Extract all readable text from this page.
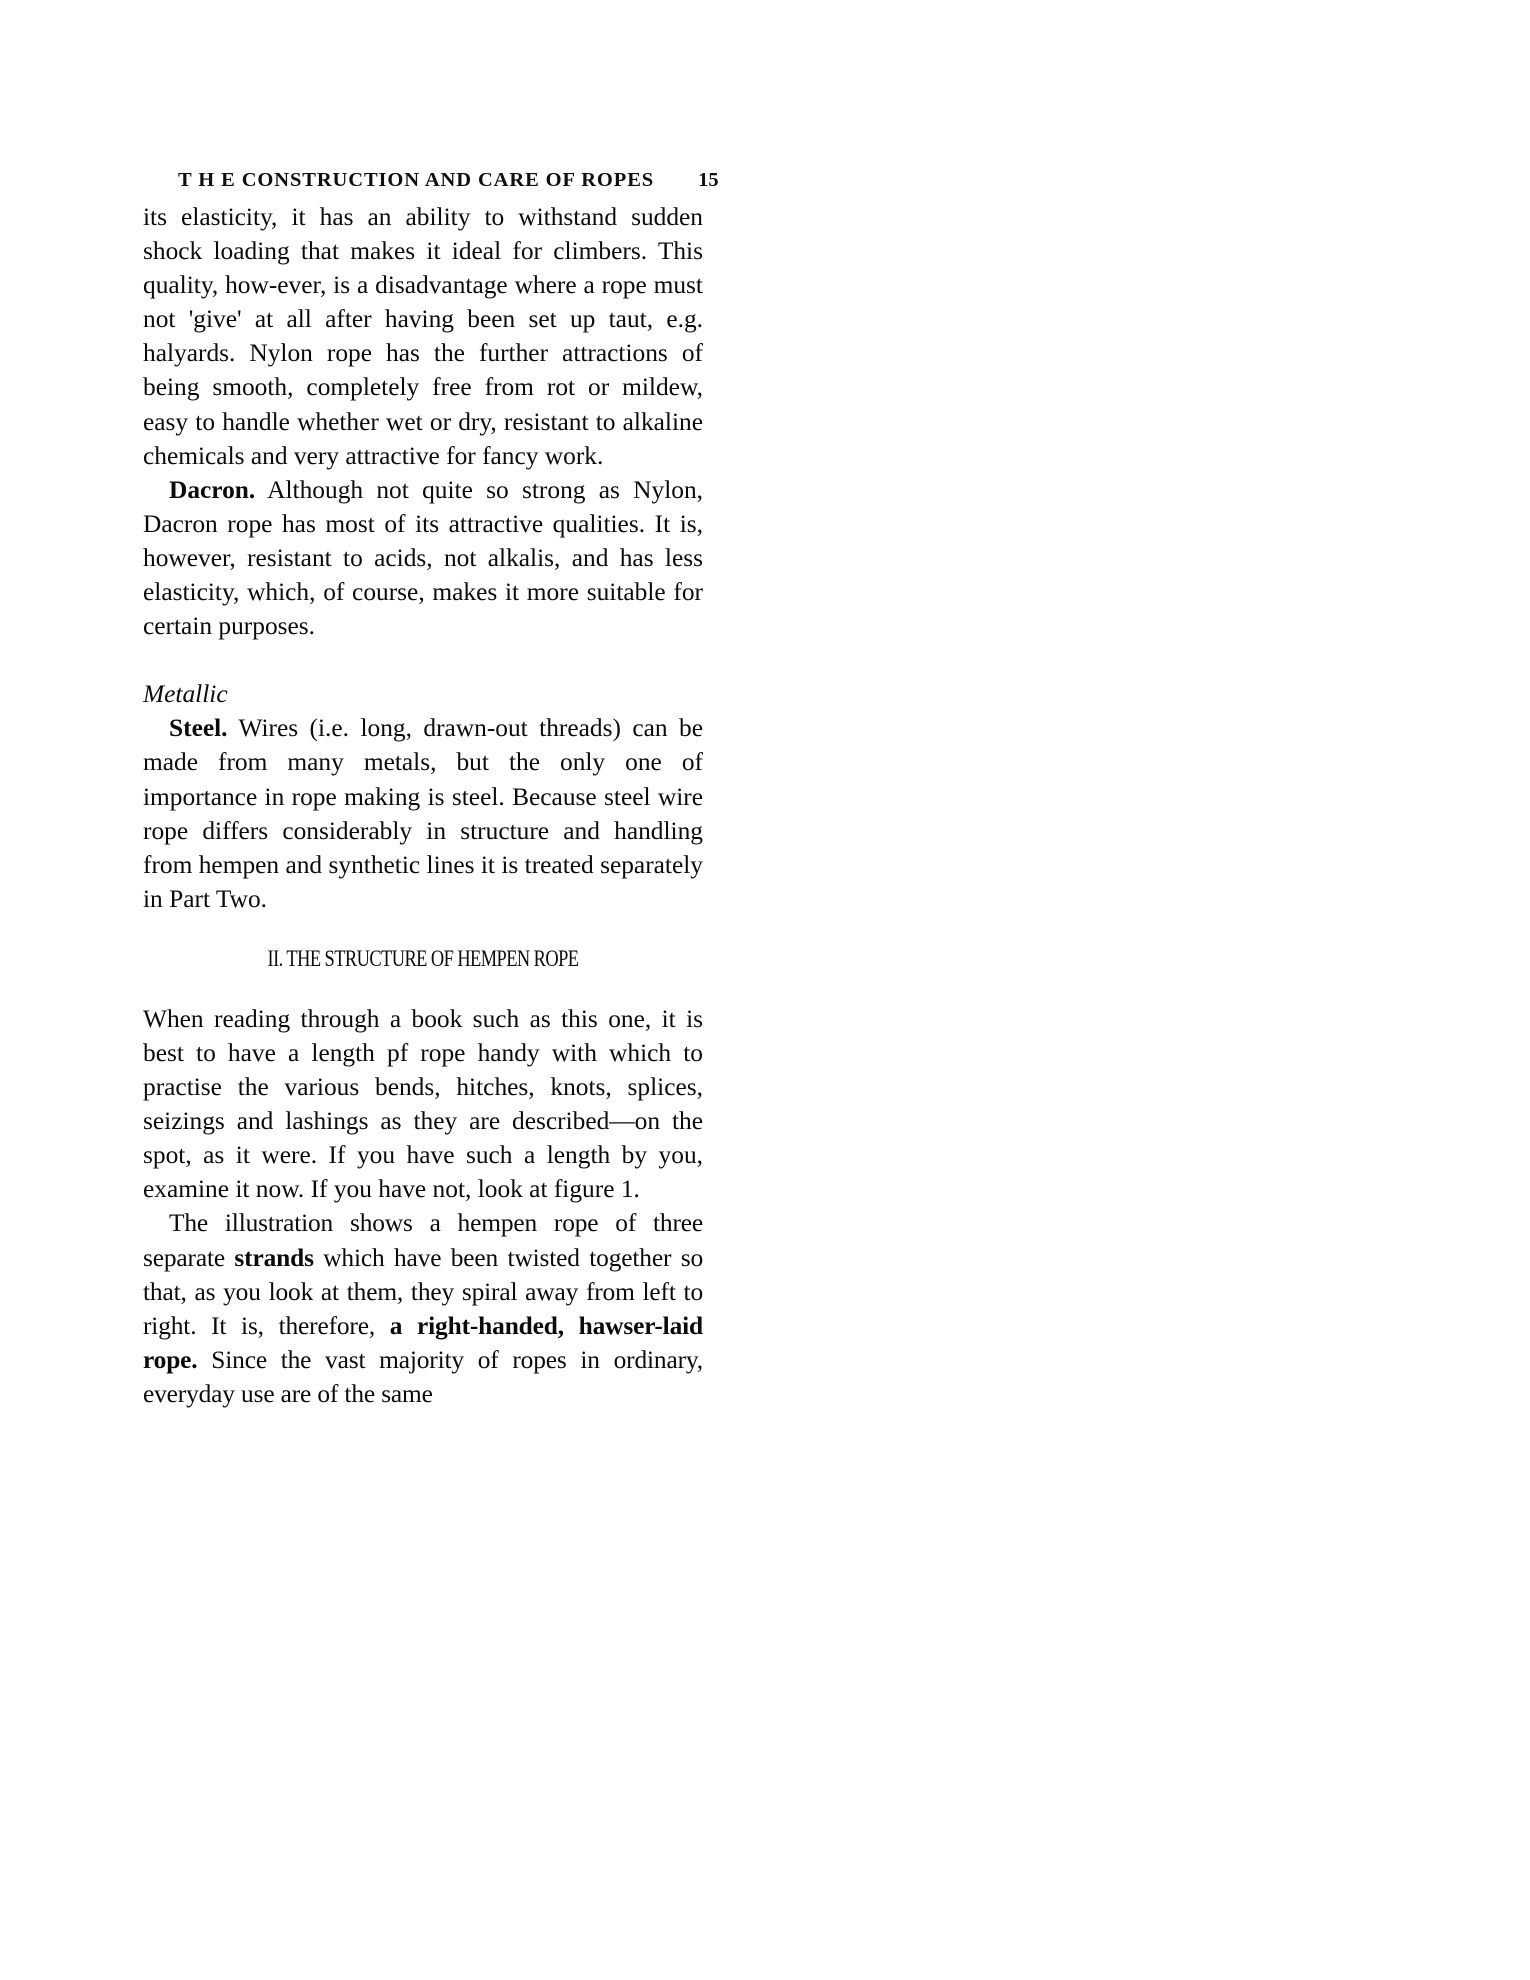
T H E CONSTRUCTION AND CARE OF ROPES 15

its elasticity, it has an ability to withstand sudden shock loading that makes it ideal for climbers. This quality, how-ever, is a disadvantage where a rope must not 'give' at all after having been set up taut, e.g. halyards. Nylon rope has the further attractions of being smooth, completely free from rot or mildew, easy to handle whether wet or dry, resistant to alkaline chemicals and very attractive for fancy work.

Dacron. Although not quite so strong as Nylon, Dacron rope has most of its attractive qualities. It is, however, resistant to acids, not alkalis, and has less elasticity, which, of course, makes it more suitable for certain purposes.

Metallic

Steel. Wires (i.e. long, drawn-out threads) can be made from many metals, but the only one of importance in rope making is steel. Because steel wire rope differs considerably in structure and handling from hempen and synthetic lines it is treated separately in Part Two.

II. THE STRUCTURE OF HEMPEN ROPE

When reading through a book such as this one, it is best to have a length pf rope handy with which to practise the various bends, hitches, knots, splices, seizings and lashings as they are described—on the spot, as it were. If you have such a length by you, examine it now. If you have not, look at figure 1.

The illustration shows a hempen rope of three separate strands which have been twisted together so that, as you look at them, they spiral away from left to right. It is, therefore, a right-handed, hawser-laid rope. Since the vast majority of ropes in ordinary, everyday use are of the same
